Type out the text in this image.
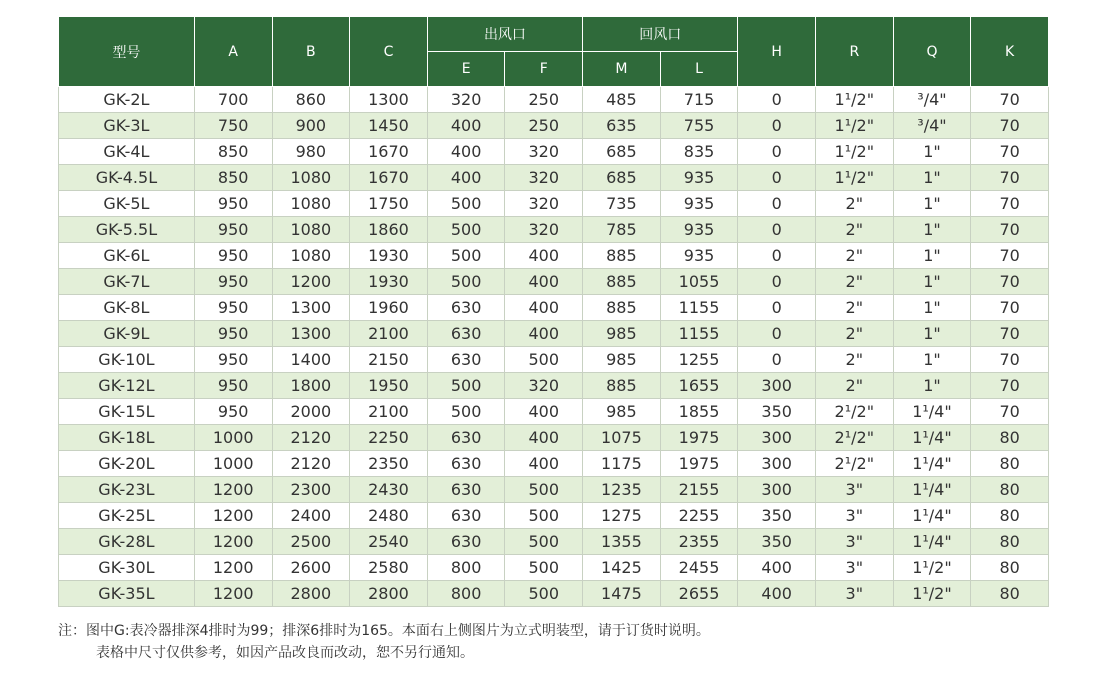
型号	A	B	C	出风口		回风口		H	R	Q	K
				E	F	M	L				
GK-2L	700	860	1300	320	250	485	715	0	1¹/2"	³/4"	70
GK-3L	750	900	1450	400	250	635	755	0	1¹/2"	³/4"	70
GK-4L	850	980	1670	400	320	685	835	0	1¹/2"	1"	70
GK-4.5L	850	1080	1670	400	320	685	935	0	1¹/2"	1"	70
GK-5L	950	1080	1750	500	320	735	935	0	2"	1"	70
GK-5.5L	950	1080	1860	500	320	785	935	0	2"	1"	70
GK-6L	950	1080	1930	500	400	885	935	0	2"	1"	70
GK-7L	950	1200	1930	500	400	885	1055	0	2"	1"	70
GK-8L	950	1300	1960	630	400	885	1155	0	2"	1"	70
GK-9L	950	1300	2100	630	400	985	1155	0	2"	1"	70
GK-10L	950	1400	2150	630	500	985	1255	0	2"	1"	70
GK-12L	950	1800	1950	500	320	885	1655	300	2"	1"	70
GK-15L	950	2000	2100	500	400	985	1855	350	2¹/2"	1¹/4"	70
GK-18L	1000	2120	2250	630	400	1075	1975	300	2¹/2"	1¹/4"	80
GK-20L	1000	2120	2350	630	400	1175	1975	300	2¹/2"	1¹/4"	80
GK-23L	1200	2300	2430	630	500	1235	2155	300	3"	1¹/4"	80
GK-25L	1200	2400	2480	630	500	1275	2255	350	3"	1¹/4"	80
GK-28L	1200	2500	2540	630	500	1355	2355	350	3"	1¹/4"	80
GK-30L	1200	2600	2580	800	500	1425	2455	400	3"	1¹/2"	80
GK-35L	1200	2800	2800	800	500	1475	2655	400	3"	1¹/2"	80
注：图中G:表冷器排深4排时为99；排深6排时为165。本面右上侧图片为立式明装型，请于订货时说明。
表格中尺寸仅供参考，如因产品改良而改动，恕不另行通知。
